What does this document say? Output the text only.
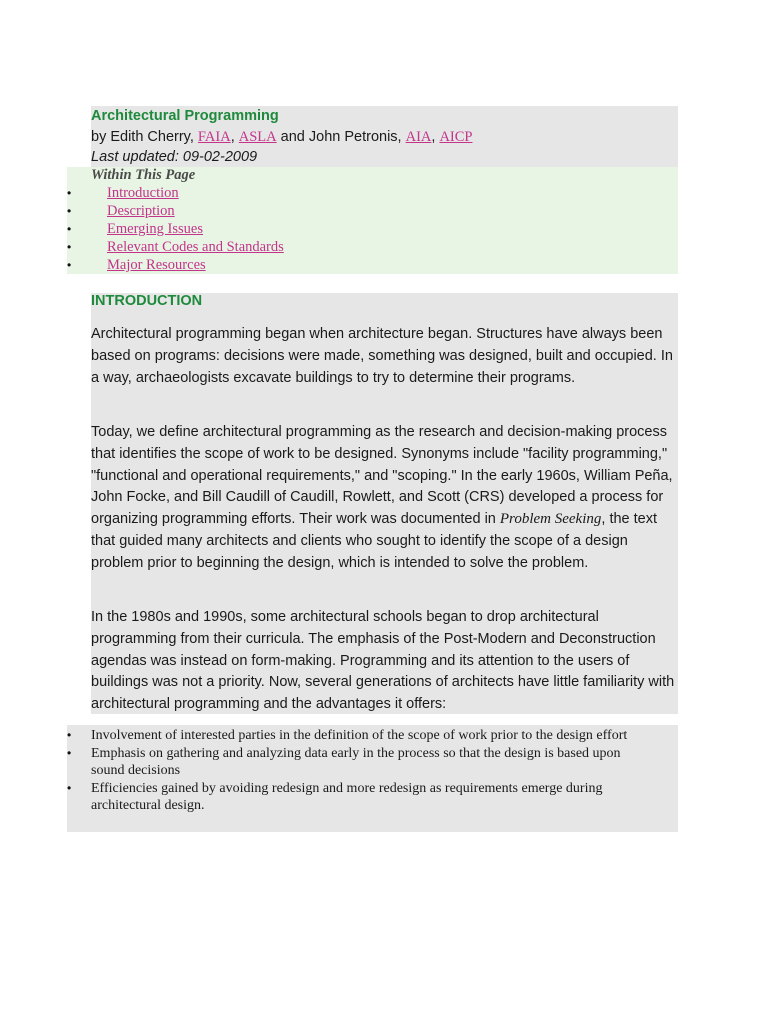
Architectural Programming
by Edith Cherry, FAIA, ASLA and John Petronis, AIA, AICP
Last updated: 09-02-2009
Within This Page
• Introduction
• Description
• Emerging Issues
• Relevant Codes and Standards
• Major Resources
INTRODUCTION

Architectural programming began when architecture began. Structures have always been based on programs: decisions were made, something was designed, built and occupied. In a way, archaeologists excavate buildings to try to determine their programs.

Today, we define architectural programming as the research and decision-making process that identifies the scope of work to be designed. Synonyms include "facility programming," "functional and operational requirements," and "scoping." In the early 1960s, William Peña, John Focke, and Bill Caudill of Caudill, Rowlett, and Scott (CRS) developed a process for organizing programming efforts. Their work was documented in Problem Seeking, the text that guided many architects and clients who sought to identify the scope of a design problem prior to beginning the design, which is intended to solve the problem.

In the 1980s and 1990s, some architectural schools began to drop architectural programming from their curricula. The emphasis of the Post-Modern and Deconstruction agendas was instead on form-making. Programming and its attention to the users of buildings was not a priority. Now, several generations of architects have little familiarity with architectural programming and the advantages it offers:

• Involvement of interested parties in the definition of the scope of work prior to the design effort
• Emphasis on gathering and analyzing data early in the process so that the design is based upon sound decisions
• Efficiencies gained by avoiding redesign and more redesign as requirements emerge during architectural design.
